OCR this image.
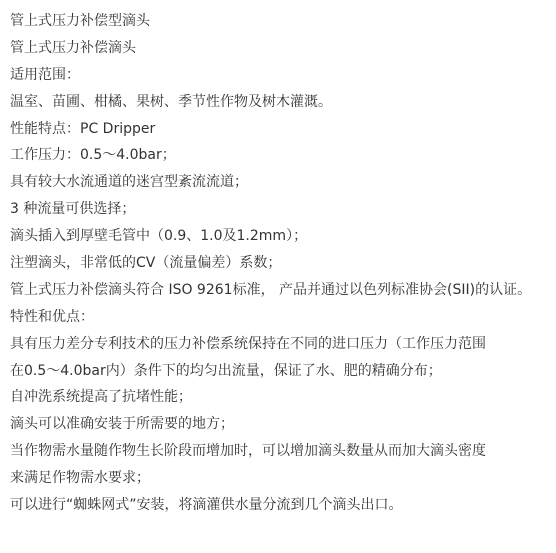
管上式压力补偿型滴头
管上式压力补偿滴头
适用范围：
温室、苗圃、柑橘、果树、季节性作物及树木灌溉。
性能特点：PC Dripper
工作压力：0.5～4.0bar；
具有较大水流通道的迷宫型紊流流道；
3 种流量可供选择；
滴头插入到厚壁毛管中（0.9、1.0及1.2mm）；
注塑滴头，非常低的CV（流量偏差）系数；
管上式压力补偿滴头符合 ISO 9261标准， 产品并通过以色列标准协会(SII)的认证。
特性和优点：
具有压力差分专利技术的压力补偿系统保持在不同的进口压力（工作压力范围
在0.5～4.0bar内）条件下的均匀出流量，保证了水、肥的精确分布；
自冲洗系统提高了抗堵性能；
滴头可以准确安装于所需要的地方；
当作物需水量随作物生长阶段而增加时，可以增加滴头数量从而加大滴头密度
来满足作物需水要求；
可以进行“蜘蛛网式”安装，将滴灌供水量分流到几个滴头出口。
